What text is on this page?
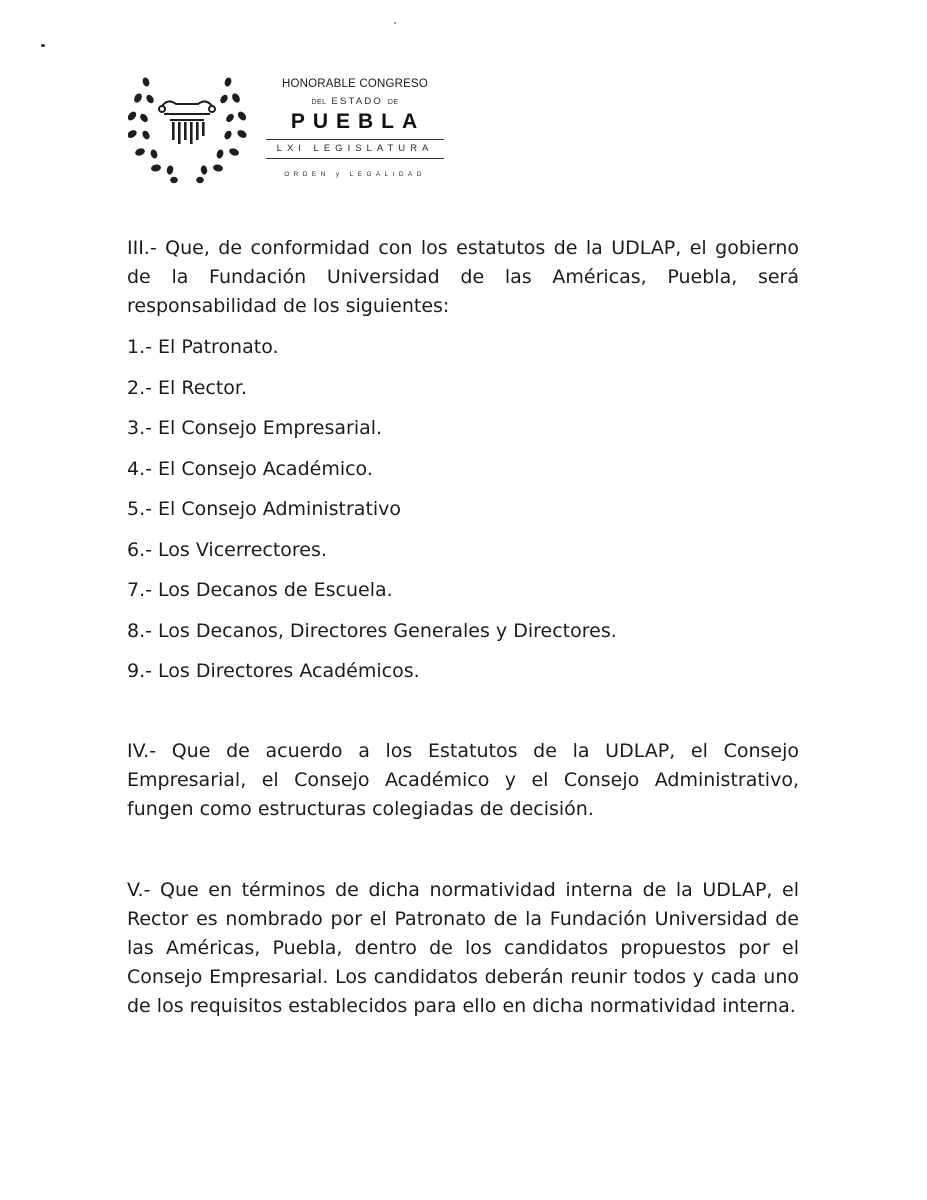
HONORABLE CONGRESO
DEL ESTADO DE
PUEBLA
LXI LEGISLATURA
ORDEN y LEGALIDAD

III.- Que, de conformidad con los estatutos de la UDLAP, el gobierno de la Fundación Universidad de las Américas, Puebla, será responsabilidad de los siguientes:

1.- El Patronato.

2.- El Rector.

3.- El Consejo Empresarial.

4.- El Consejo Académico.

5.- El Consejo Administrativo

6.- Los Vicerrectores.

7.- Los Decanos de Escuela.

8.- Los Decanos, Directores Generales y Directores.

9.- Los Directores Académicos.

IV.- Que de acuerdo a los Estatutos de la UDLAP, el Consejo Empresarial, el Consejo Académico y el Consejo Administrativo, fungen como estructuras colegiadas de decisión.

V.- Que en términos de dicha normatividad interna de la UDLAP, el Rector es nombrado por el Patronato de la Fundación Universidad de las Américas, Puebla, dentro de los candidatos propuestos por el Consejo Empresarial. Los candidatos deberán reunir todos y cada uno de los requisitos establecidos para ello en dicha normatividad interna.
